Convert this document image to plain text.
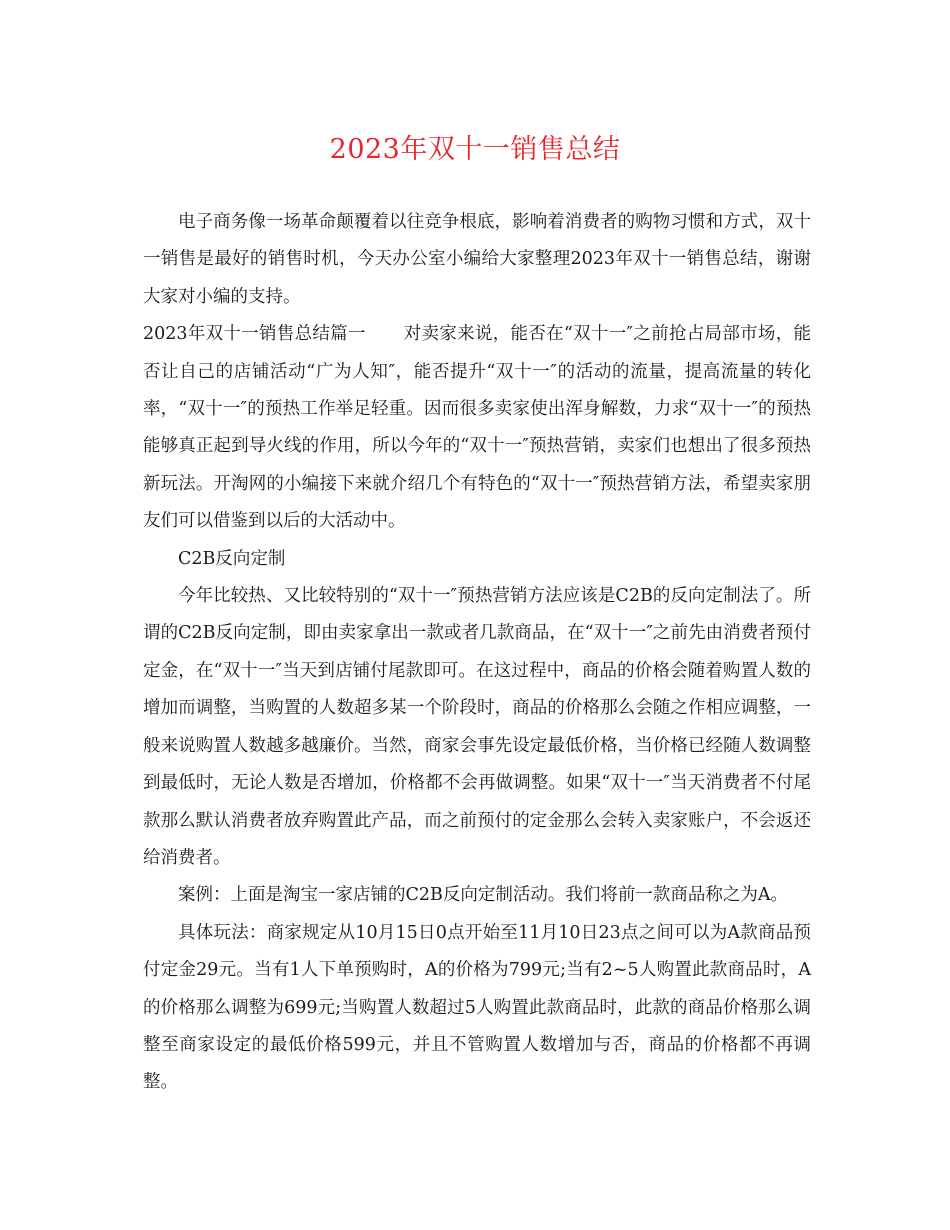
2023年双十一销售总结

电子商务像一场革命颠覆着以往竞争根底，影响着消费者的购物习惯和方式，双十一销售是最好的销售时机，今天办公室小编给大家整理2023年双十一销售总结，谢谢大家对小编的支持。

2023年双十一销售总结篇一 对卖家来说，能否在“双十一″之前抢占局部市场，能否让自己的店铺活动“广为人知″，能否提升“双十一″的活动的流量，提高流量的转化率，“双十一″的预热工作举足轻重。因而很多卖家使出浑身解数，力求“双十一″的预热能够真正起到导火线的作用，所以今年的“双十一″预热营销，卖家们也想出了很多预热新玩法。开淘网的小编接下来就介绍几个有特色的“双十一″预热营销方法，希望卖家朋友们可以借鉴到以后的大活动中。

C2B反向定制

今年比较热、又比较特别的“双十一″预热营销方法应该是C2B的反向定制法了。所谓的C2B反向定制，即由卖家拿出一款或者几款商品，在“双十一″之前先由消费者预付定金，在“双十一″当天到店铺付尾款即可。在这过程中，商品的价格会随着购置人数的增加而调整，当购置的人数超多某一个阶段时，商品的价格那么会随之作相应调整，一般来说购置人数越多越廉价。当然，商家会事先设定最低价格，当价格已经随人数调整到最低时，无论人数是否增加，价格都不会再做调整。如果“双十一″当天消费者不付尾款那么默认消费者放弃购置此产品，而之前预付的定金那么会转入卖家账户，不会返还给消费者。

案例：上面是淘宝一家店铺的C2B反向定制活动。我们将前一款商品称之为A。

具体玩法：商家规定从10月15日0点开始至11月10日23点之间可以为A款商品预付定金29元。当有1人下单预购时，A的价格为799元;当有2~5人购置此款商品时，A的价格那么调整为699元;当购置人数超过5人购置此款商品时，此款的商品价格那么调整至商家设定的最低价格599元，并且不管购置人数增加与否，商品的价格都不再调整。
